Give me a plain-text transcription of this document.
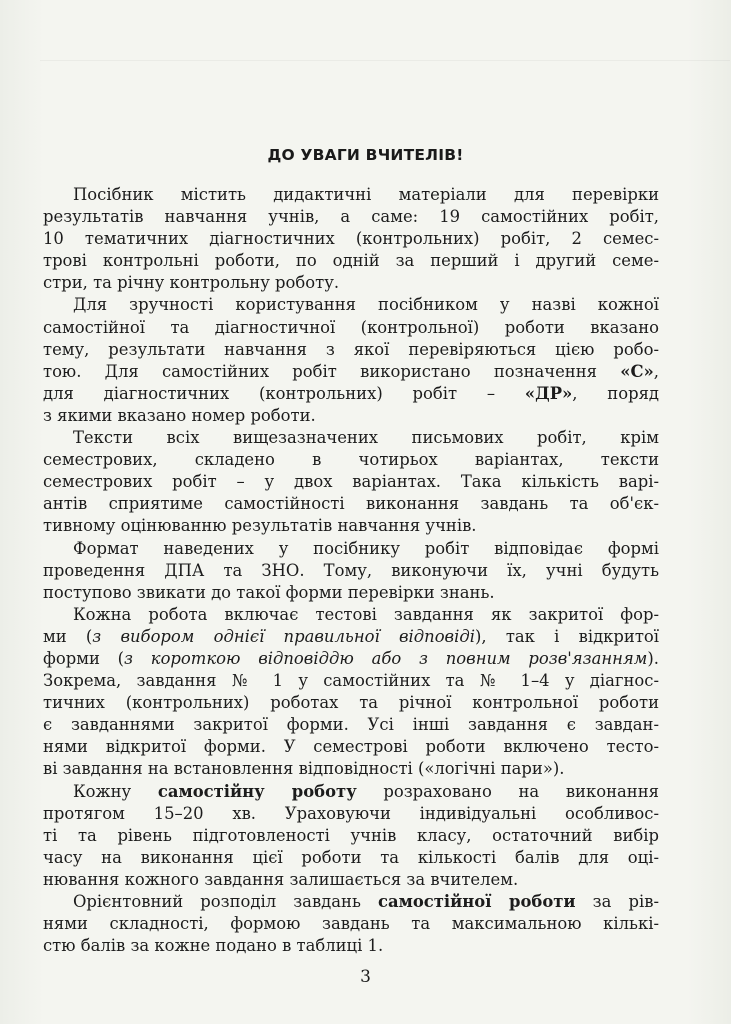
ДО УВАГИ ВЧИТЕЛІВ!
Посібник містить дидактичні матеріали для перевірки
результатів навчання учнів, а саме: 19 самостійних робіт,
10 тематичних діагностичних (контрольних) робіт, 2 семес-
трові контрольні роботи, по одній за перший і другий семе-
стри, та річну контрольну роботу.
Для зручності користування посібником у назві кожної
самостійної та діагностичної (контрольної) роботи вказано
тему, результати навчання з якої перевіряються цією робо-
тою. Для самостійних робіт використано позначення «С»,
для діагностичних (контрольних) робіт – «ДР», поряд
з якими вказано номер роботи.
Тексти всіх вищезазначених письмових робіт, крім
семестрових, складено в чотирьох варіантах, тексти
семестрових робіт – у двох варіантах. Така кількість варі-
антів сприятиме самостійності виконання завдань та об'єк-
тивному оцінюванню результатів навчання учнів.
Формат наведених у посібнику робіт відповідає формі
проведення ДПА та ЗНО. Тому, виконуючи їх, учні будуть
поступово звикати до такої форми перевірки знань.
Кожна робота включає тестові завдання як закритої фор-
ми (з вибором однієї правильної відповіді), так і відкритої
форми (з короткою відповіддю або з повним розв'язанням).
Зокрема, завдання № 1 у самостійних та № 1–4 у діагнос-
тичних (контрольних) роботах та річної контрольної роботи
є завданнями закритої форми. Усі інші завдання є завдан-
нями відкритої форми. У семестрові роботи включено тесто-
ві завдання на встановлення відповідності («логічні пари»).
Кожну самостійну роботу розраховано на виконання
протягом 15–20 хв. Ураховуючи індивідуальні особливос-
ті та рівень підготовленості учнів класу, остаточний вибір
часу на виконання цієї роботи та кількості балів для оці-
нювання кожного завдання залишається за вчителем.
Орієнтовний розподіл завдань самостійної роботи за рів-
нями складності, формою завдань та максимальною кількі-
стю балів за кожне подано в таблиці 1.
3
